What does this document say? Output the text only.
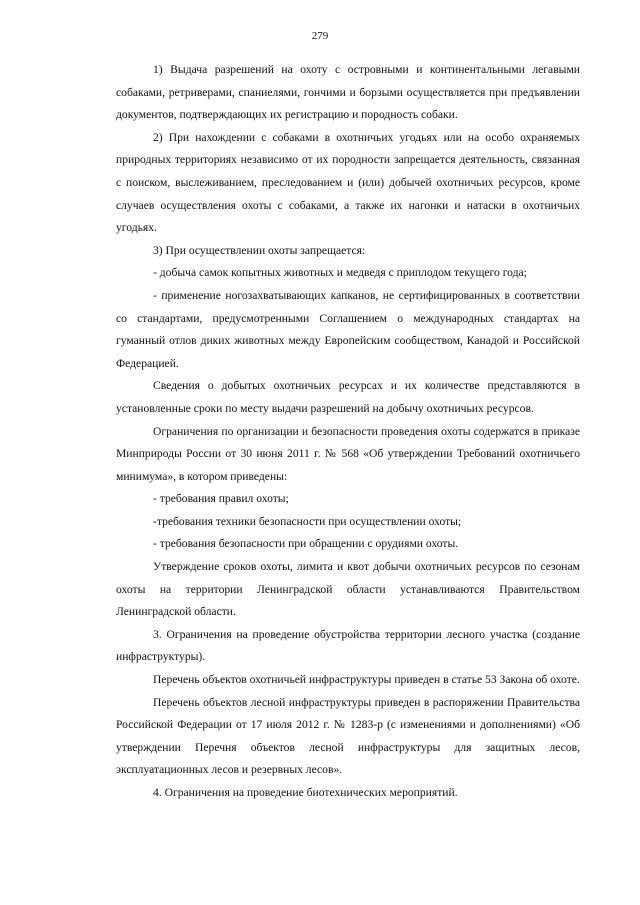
279

1) Выдача разрешений на охоту с островными и континентальными легавыми собаками, ретриверами, спаниелями, гончими и борзыми осуществляется при предъявлении документов, подтверждающих их регистрацию и породность собаки.

2) При нахождении с собаками в охотничьих угодьях или на особо охраняемых природных территориях независимо от их породности запрещается деятельность, связанная с поиском, выслеживанием, преследованием и (или) добычей охотничьих ресурсов, кроме случаев осуществления охоты с собаками, а также их нагонки и натаски в охотничьих угодьях.

3) При осуществлении охоты запрещается:

- добыча самок копытных животных и медведя с приплодом текущего года;

- применение ногозахватывающих капканов, не сертифицированных в соответствии со стандартами, предусмотренными Соглашением о международных стандартах на гуманный отлов диких животных между Европейским сообществом, Канадой и Российской Федерацией.

Сведения о добытых охотничьих ресурсах и их количестве представляются в установленные сроки по месту выдачи разрешений на добычу охотничьих ресурсов.

Ограничения по организации и безопасности проведения охоты содержатся в приказе Минприроды России от 30 июня 2011 г. № 568 «Об утверждении Требований охотничьего минимума», в котором приведены:

- требования правил охоты;

-требования техники безопасности при осуществлении охоты;

- требования безопасности при обращении с орудиями охоты.

Утверждение сроков охоты, лимита и квот добычи охотничьих ресурсов по сезонам охоты на территории Ленинградской области устанавливаются Правительством Ленинградской области.

3. Ограничения на проведение обустройства территории лесного участка (создание инфраструктуры).

Перечень объектов охотничьей инфраструктуры приведен в статье 53 Закона об охоте.

Перечень объектов лесной инфраструктуры приведен в распоряжении Правительства Российской Федерации от 17 июля 2012 г. № 1283-р (с изменениями и дополнениями) «Об утверждении Перечня объектов лесной инфраструктуры для защитных лесов, эксплуатационных лесов и резервных лесов».

4. Ограничения на проведение биотехнических мероприятий.
